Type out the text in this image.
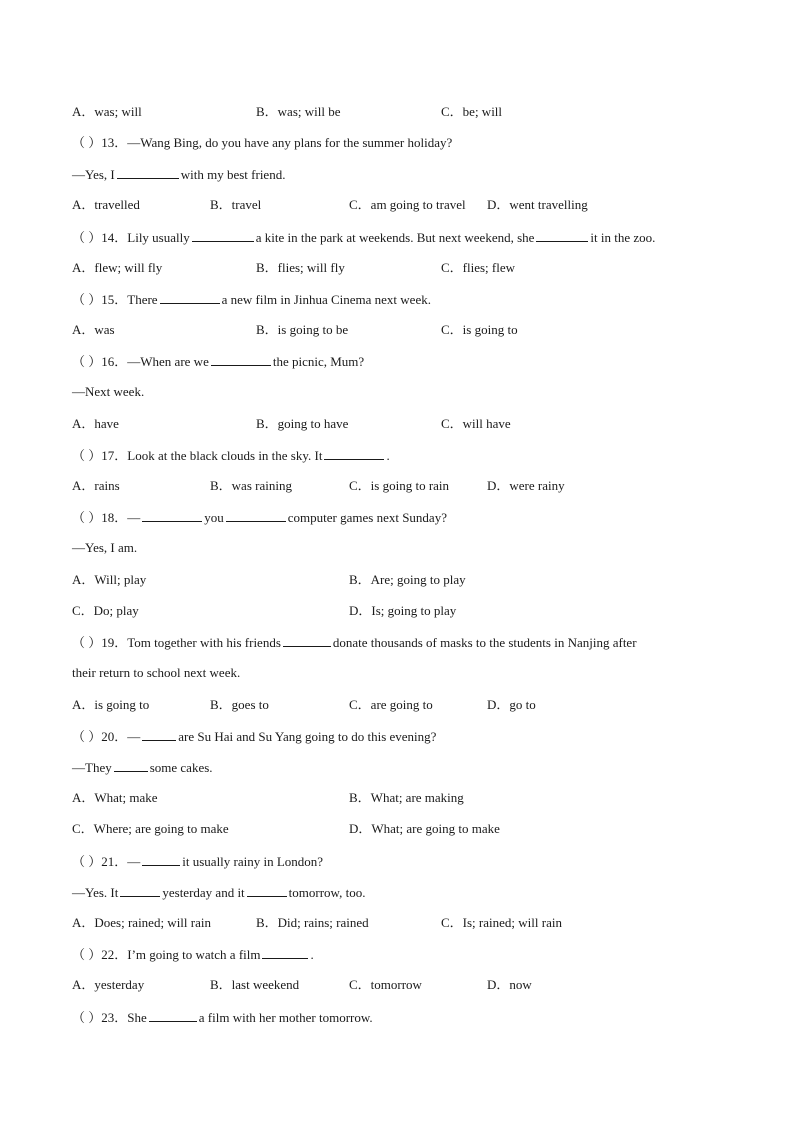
A．was; will	B．was; will be	C．be; will
（ ）13．—Wang Bing, do you have any plans for the summer holiday?
—Yes, I	with my best friend.
A．travelled	B．travel	C．am going to travel D．went travelling
（ ）14．Lily usually	a kite in the park at weekends. But next weekend, she	it in the zoo.
A．flew; will fly	B．flies; will fly	C．flies; flew
（ ）15．There	a new film in Jinhua Cinema next week.
A．was	B．is going to be	C．is going to
（ ）16．—When are we	the picnic, Mum?
—Next week.
A．have	B．going to have	C．will have
（ ）17．Look at the black clouds in the sky. It	.
A．rains	B．was raining	C．is going to rain	D．were rainy
（ ）18．—	you	computer games next Sunday?
—Yes, I am.
A．Will; play	B．Are; going to play
C．Do; play	D．Is; going to play
（ ）19．Tom together with his friends	donate thousands of masks to the students in Nanjing after
their return to school next week.
A．is going to	B．goes to	C．are going to	D．go to
（ ）20．—	are Su Hai and Su Yang going to do this evening?
—They	some cakes.
A．What; make	B．What; are making
C．Where; are going to make	D．What; are going to make
（ ）21．—	it usually rainy in London?
—Yes. It	yesterday and it	tomorrow, too.
A．Does; rained; will rain	B．Did; rains; rained	C．Is; rained; will rain
（ ）22．I’m going to watch a film	.
A．yesterday	B．last weekend	C．tomorrow	D．now
（ ）23．She	a film with her mother tomorrow.
